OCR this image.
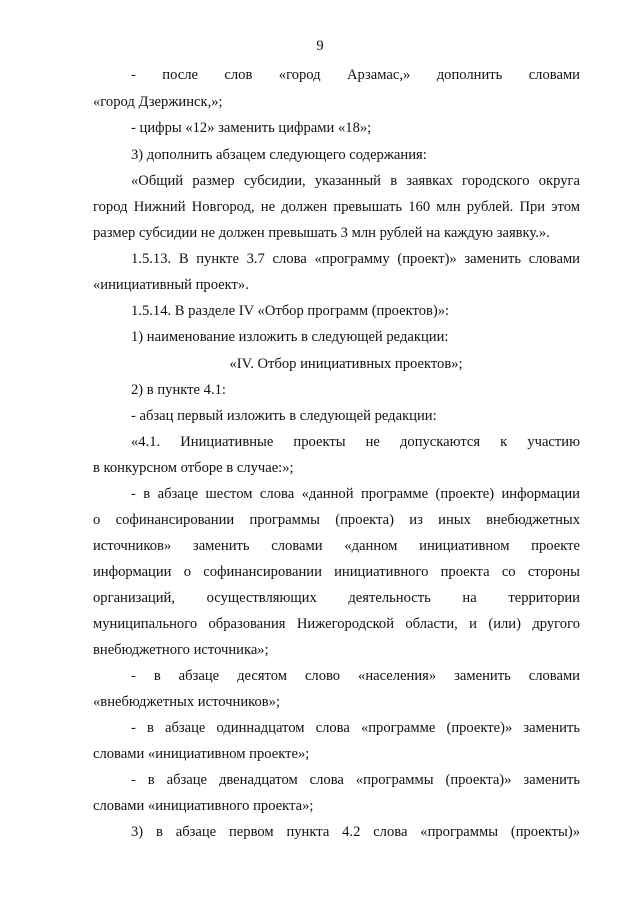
9
- после слов «город Арзамас,» дополнить словами
«город Дзержинск,»;
- цифры «12» заменить цифрами «18»;
3) дополнить абзацем следующего содержания:
«Общий размер субсидии, указанный в заявках городского округа
город Нижний Новгород, не должен превышать 160 млн рублей. При этом
размер субсидии не должен превышать 3 млн рублей на каждую заявку.».
1.5.13. В пункте 3.7 слова «программу (проект)» заменить словами
«инициативный проект».
1.5.14. В разделе IV «Отбор программ (проектов)»:
1) наименование изложить в следующей редакции:
«IV. Отбор инициативных проектов»;
2) в пункте 4.1:
- абзац первый изложить в следующей редакции:
«4.1. Инициативные проекты не допускаются к участию
в конкурсном отборе в случае:»;
- в абзаце шестом слова «данной программе (проекте) информации
о софинансировании программы (проекта) из иных внебюджетных
источников» заменить словами «данном инициативном проекте
информации о софинансировании инициативного проекта со стороны
организаций, осуществляющих деятельность на территории
муниципального образования Нижегородской области, и (или) другого
внебюджетного источника»;
- в абзаце десятом слово «населения» заменить словами
«внебюджетных источников»;
- в абзаце одиннадцатом слова «программе (проекте)» заменить
словами «инициативном проекте»;
- в абзаце двенадцатом слова «программы (проекта)» заменить
словами «инициативного проекта»;
3) в абзаце первом пункта 4.2 слова «программы (проекты)»
